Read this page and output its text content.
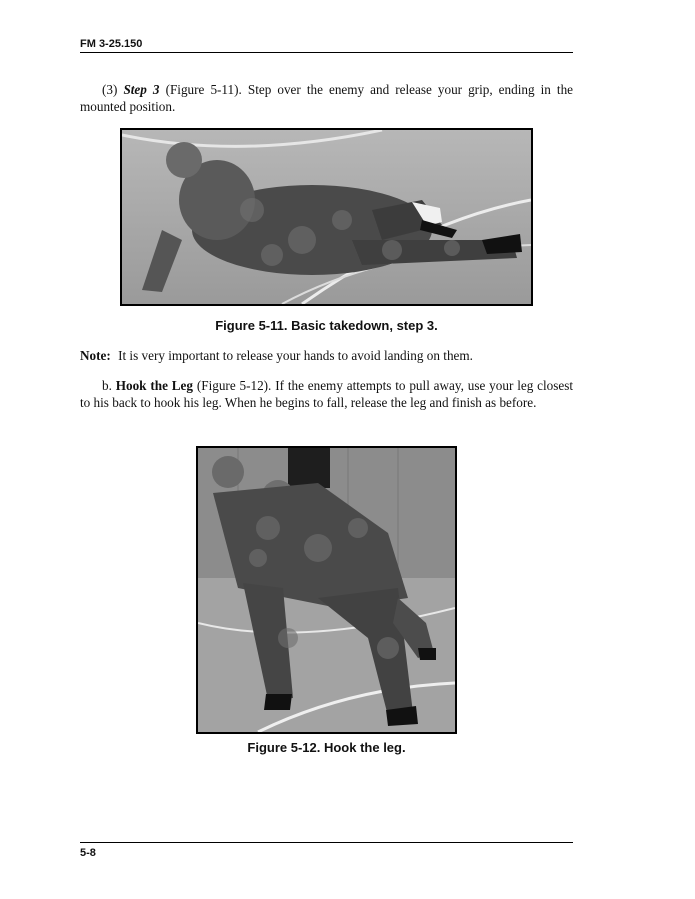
FM 3-25.150
(3) Step 3 (Figure 5-11). Step over the enemy and release your grip, ending in the mounted position.
Figure 5-11. Basic takedown, step 3.
Note: It is very important to release your hands to avoid landing on them.
b. Hook the Leg (Figure 5-12). If the enemy attempts to pull away, use your leg closest to his back to hook his leg. When he begins to fall, release the leg and finish as before.
Figure 5-12. Hook the leg.
5-8
